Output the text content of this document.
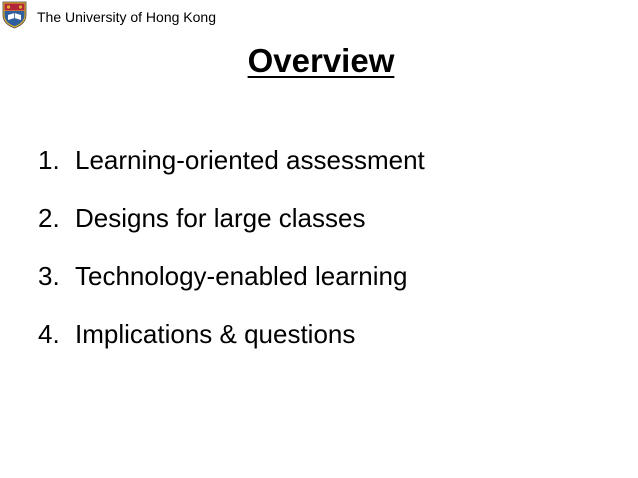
The University of Hong Kong
Overview
1. Learning-oriented assessment
2. Designs for large classes
3. Technology-enabled learning
4. Implications & questions
